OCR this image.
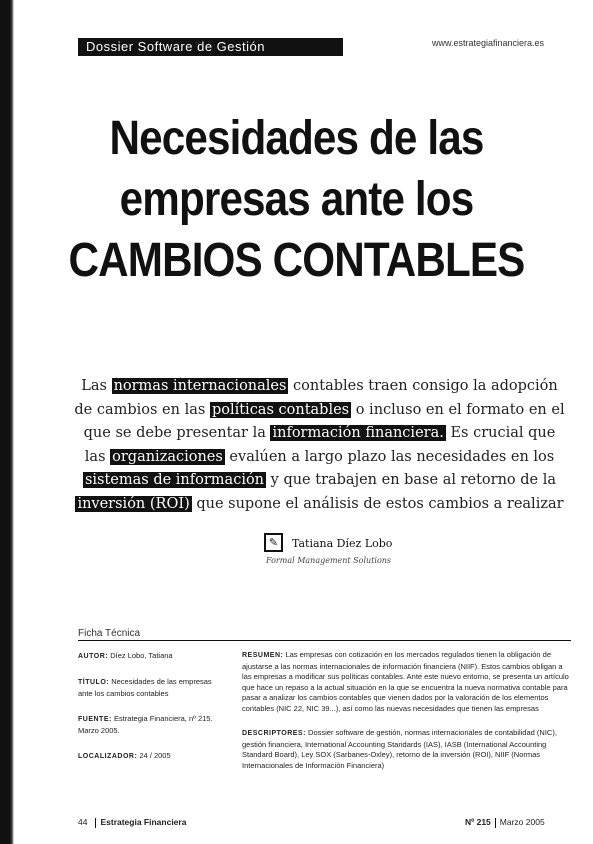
Dossier Software de Gestión	www.estrategiafinanciera.es
Necesidades de las
empresas ante los
CAMBIOS CONTABLES
Las normas internacionales contables traen consigo la adopción de cambios en las políticas contables o incluso en el formato en el que se debe presentar la información financiera. Es crucial que las organizaciones evalúen a largo plazo las necesidades en los sistemas de información y que trabajen en base al retorno de la inversión (ROI) que supone el análisis de estos cambios a realizar
✎	Tatiana Díez Lobo
Formal Management Solutions
Ficha Técnica
AUTOR: Díez Lobo, Tatiana
TÍTULO: Necesidades de las empresas ante los cambios contables
FUENTE: Estrategia Financiera, nº 215. Marzo 2005.
LOCALIZADOR: 24 / 2005
RESUMEN: Las empresas con cotización en los mercados regulados tienen la obligación de ajustarse a las normas internacionales de información financiera (NIIF). Estos cambios obligan a las empresas a modificar sus políticas contables. Ante este nuevo entorno, se presenta un artículo que hace un repaso a la actual situación en la que se encuentra la nueva normativa contable para pasar a analizar los cambios contables que vienen dados por la valoración de los elementos contables (NIC 22, NIC 39...), así como las nuevas necesidades que tienen las empresas
DESCRIPTORES: Dossier software de gestión, normas internacionales de contabilidad (NIC), gestión financiera, International Accounting Standards (IAS), IASB (International Accounting Standard Board), Ley SOX (Sarbanes-Oxley), retorno de la inversión (ROI), NIIF (Normas Internacionales de Información Financiera)
44 Estrategia Financiera	Nº 215 Marzo 2005
